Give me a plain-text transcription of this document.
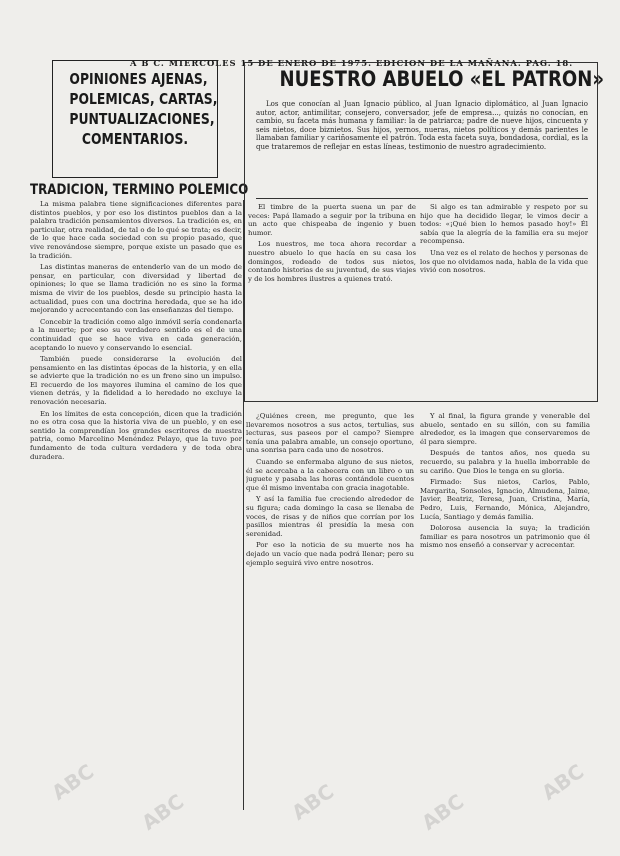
A B C. MIERCOLES 15 DE ENERO DE 1975. EDICION DE LA MAÑANA. PAG. 18.
OPINIONES AJENAS,
POLEMICAS, CARTAS,
PUNTUALIZACIONES,
COMENTARIOS.
TRADICION, TERMINO POLEMICO

La misma palabra tiene significaciones diferentes para distintos pueblos, y por eso los distintos pueblos dan a la palabra tradición pensamientos diversos. La tradición es, en particular, otra realidad, de tal o de lo qué se trata; es decir, de lo que hace cada sociedad con su propio pasado, que vive renovándose siempre, porque existe un pasado que es la tradición.

Las distintas maneras de entenderlo van de un modo de pensar, en particular, con diversidad y libertad de opiniones; lo que se llama tradición no es sino la forma misma de vivir de los pueblos, desde su principio hasta la actualidad, pues con una doctrina heredada, que se ha ido mejorando y acrecentando con las enseñanzas del tiempo.

Concebir la tradición como algo inmóvil sería condenarla a la muerte; por eso su verdadero sentido es el de una continuidad que se hace viva en cada generación, aceptando lo nuevo y conservando lo esencial.

También puede considerarse la evolución del pensamiento en las distintas épocas de la historia, y en ella se advierte que la tradición no es un freno sino un impulso. El recuerdo de los mayores ilumina el camino de los que vienen detrás, y la fidelidad a lo heredado no excluye la renovación necesaria.

En los límites de esta concepción, dicen que la tradición no es otra cosa que la historia viva de un pueblo, y en ese sentido la comprendían los grandes escritores de nuestra patria, como Marcelino Menéndez Pelayo, que la tuvo por fundamento de toda cultura verdadera y de toda obra duradera.

NUESTRO ABUELO «EL PATRON»

Los que conocían al Juan Ignacio público, al Juan Ignacio diplomático, al Juan Ignacio autor, actor, antimilitar, consejero, conversador, jefe de empresa..., quizás no conocían, en cambio, su faceta más humana y familiar: la de patriarca; padre de nueve hijos, cincuenta y seis nietos, doce biznietos. Sus hijos, yernos, nueras, nietos políticos y demás parientes le llamaban familiar y cariñosamente el patrón. Toda esta faceta suya, bondadosa, cordial, es la que trataremos de reflejar en estas líneas, testimonio de nuestro agradecimiento.

El timbre de la puerta suena un par de veces: Papá llamado a seguir por la tribuna en un acto que chispeaba de ingenio y buen humor.

Los nuestros, me toca ahora recordar a nuestro abuelo lo que hacía en su casa los domingos, rodeado de todos sus nietos, contando historias de su juventud, de sus viajes y de los hombres ilustres a quienes trató.

Si algo es tan admirable y respeto por su hijo que ha decidido llegar, le vimos decir a todos: «¡Qué bien lo hemos pasado hoy!» Él sabía que la alegría de la familia era su mejor recompensa.

Una vez es el relato de hechos y personas de los que no olvidamos nada, habla de la vida que vivió con nosotros.

¿Quiénes creen, me pregunto, que les llevaremos nosotros a sus actos, tertulias, sus lecturas, sus paseos por el campo? Siempre tenía una palabra amable, un consejo oportuno, una sonrisa para cada uno de nosotros.

Cuando se enfermaba alguno de sus nietos, él se acercaba a la cabecera con un libro o un juguete y pasaba las horas contándole cuentos que él mismo inventaba con gracia inagotable.

Y así la familia fue creciendo alrededor de su figura; cada domingo la casa se llenaba de voces, de risas y de niños que corrían por los pasillos mientras él presidía la mesa con serenidad.

Por eso la noticia de su muerte nos ha dejado un vacío que nada podrá llenar; pero su ejemplo seguirá vivo entre nosotros.

Y al final, la figura grande y venerable del abuelo, sentado en su sillón, con su familia alrededor, es la imagen que conservaremos de él para siempre.

Después de tantos años, nos queda su recuerdo, su palabra y la huella imborrable de su cariño. Que Dios le tenga en su gloria.

Firmado: Sus nietos, Carlos, Pablo, Margarita, Sonsoles, Ignacio, Almudena, Jaime, Javier, Beatriz, Teresa, Juan, Cristina, María, Pedro, Luis, Fernando, Mónica, Alejandro, Lucía, Santiago y demás familia.

Dolorosa ausencia la suya; la tradición familiar es para nosotros un patrimonio que él mismo nos enseñó a conservar y acrecentar.

ABC
ABC	ABC	ABC
ABC
